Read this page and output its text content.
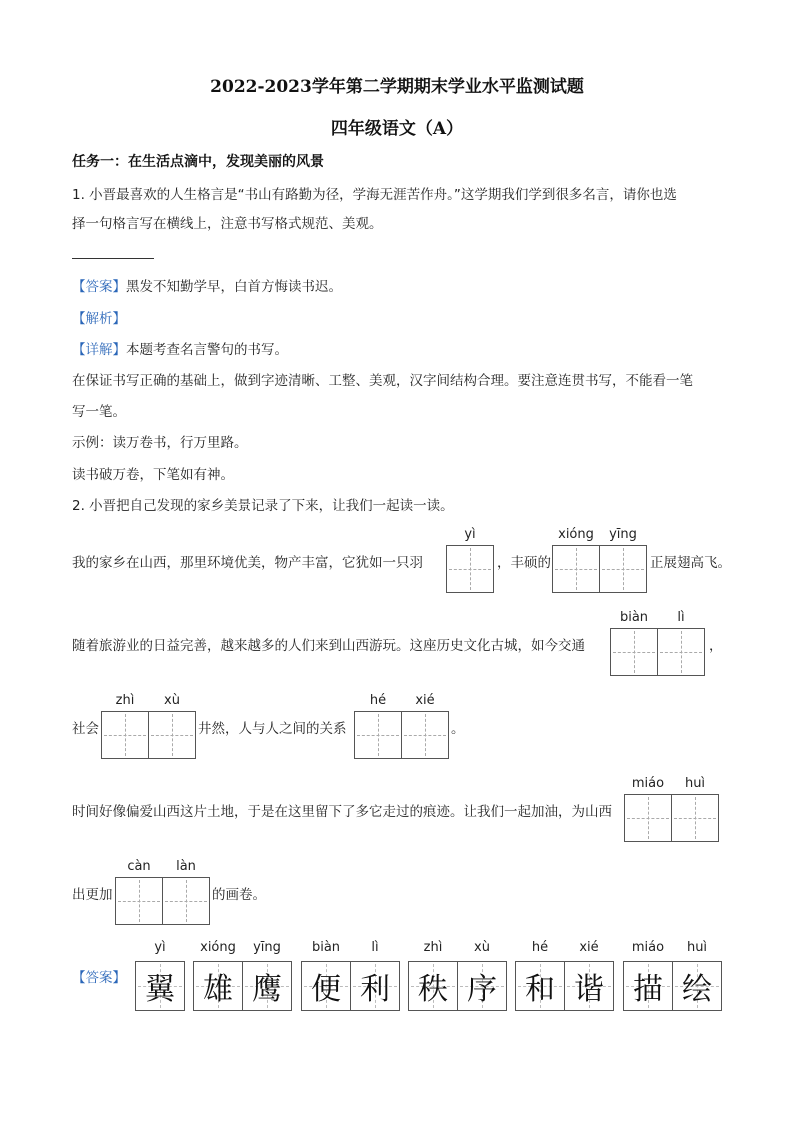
2022-2023学年第二学期期末学业水平监测试题
四年级语文（A）
任务一：在生活点滴中，发现美丽的风景
1. 小晋最喜欢的人生格言是“书山有路勤为径，学海无涯苦作舟。”这学期我们学到很多名言，请你也选
择一句格言写在横线上，注意书写格式规范、美观。
【答案】黑发不知勤学早，白首方悔读书迟。
【解析】
【详解】本题考查名言警句的书写。
在保证书写正确的基础上，做到字迹清晰、工整、美观，汉字间结构合理。要注意连贯书写，不能看一笔
写一笔。
示例：读万卷书，行万里路。
读书破万卷，下笔如有神。
2. 小晋把自己发现的家乡美景记录了下来，让我们一起读一读。
我的家乡在山西，那里环境优美，物产丰富，它犹如一只羽
yì
，丰硕的
xióng	yīng
正展翅高飞。
随着旅游业的日益完善，越来越多的人们来到山西游玩。这座历史文化古城，如今交通
biàn	lì
，
社会
zhì	xù
井然，人与人之间的关系
hé	xié
。
时间好像偏爱山西这片土地，于是在这里留下了多它走过的痕迹。让我们一起加油，为山西
miáo	huì
出更加
càn	làn
的画卷。
【答案】
yì
翼
xióng
雄
yīng
鹰
biàn
便
lì
利
zhì
秩
xù
序
hé
和
xié
谐
miáo
描
huì
绘
